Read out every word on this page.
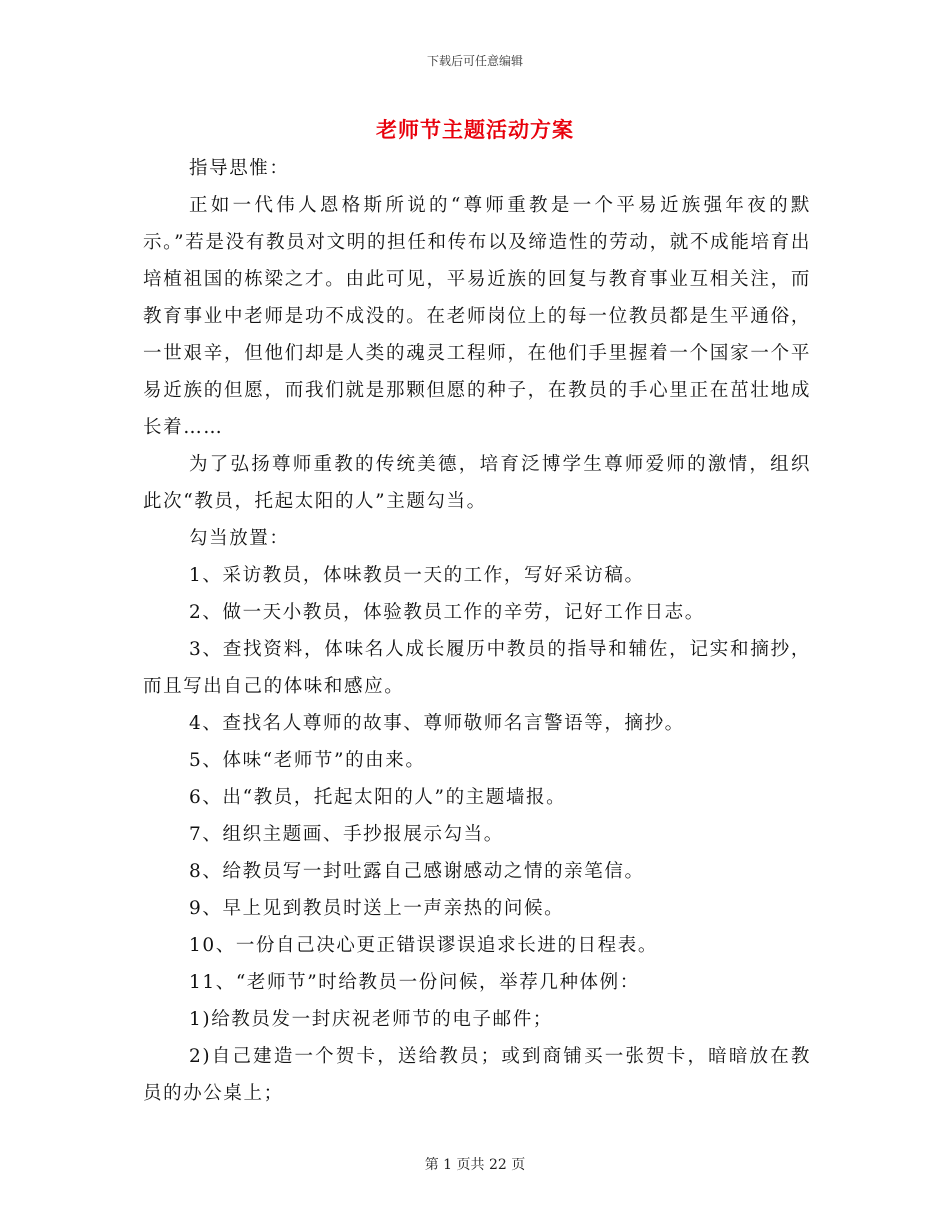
下载后可任意编辑
老师节主题活动方案

指导思惟：

正如一代伟人恩格斯所说的“尊师重教是一个平易近族强年夜的默示。”若是没有教员对文明的担任和传布以及缔造性的劳动，就不成能培育出培植祖国的栋梁之才。由此可见，平易近族的回复与教育事业互相关注，而教育事业中老师是功不成没的。在老师岗位上的每一位教员都是生平通俗，一世艰辛，但他们却是人类的魂灵工程师，在他们手里握着一个国家一个平易近族的但愿，而我们就是那颗但愿的种子，在教员的手心里正在茁壮地成长着……

为了弘扬尊师重教的传统美德，培育泛博学生尊师爱师的激情，组织此次“教员，托起太阳的人”主题勾当。

勾当放置：

1、采访教员，体味教员一天的工作，写好采访稿。

2、做一天小教员，体验教员工作的辛劳，记好工作日志。

3、查找资料，体味名人成长履历中教员的指导和辅佐，记实和摘抄，而且写出自己的体味和感应。

4、查找名人尊师的故事、尊师敬师名言警语等，摘抄。

5、体味“老师节”的由来。

6、出“教员，托起太阳的人”的主题墙报。

7、组织主题画、手抄报展示勾当。

8、给教员写一封吐露自己感谢感动之情的亲笔信。

9、早上见到教员时送上一声亲热的问候。

10、一份自己决心更正错误谬误追求长进的日程表。

11、“老师节”时给教员一份问候，举荐几种体例：

1)给教员发一封庆祝老师节的电子邮件；

2)自己建造一个贺卡，送给教员；或到商铺买一张贺卡，暗暗放在教员的办公桌上；

第 1 页共 22 页
